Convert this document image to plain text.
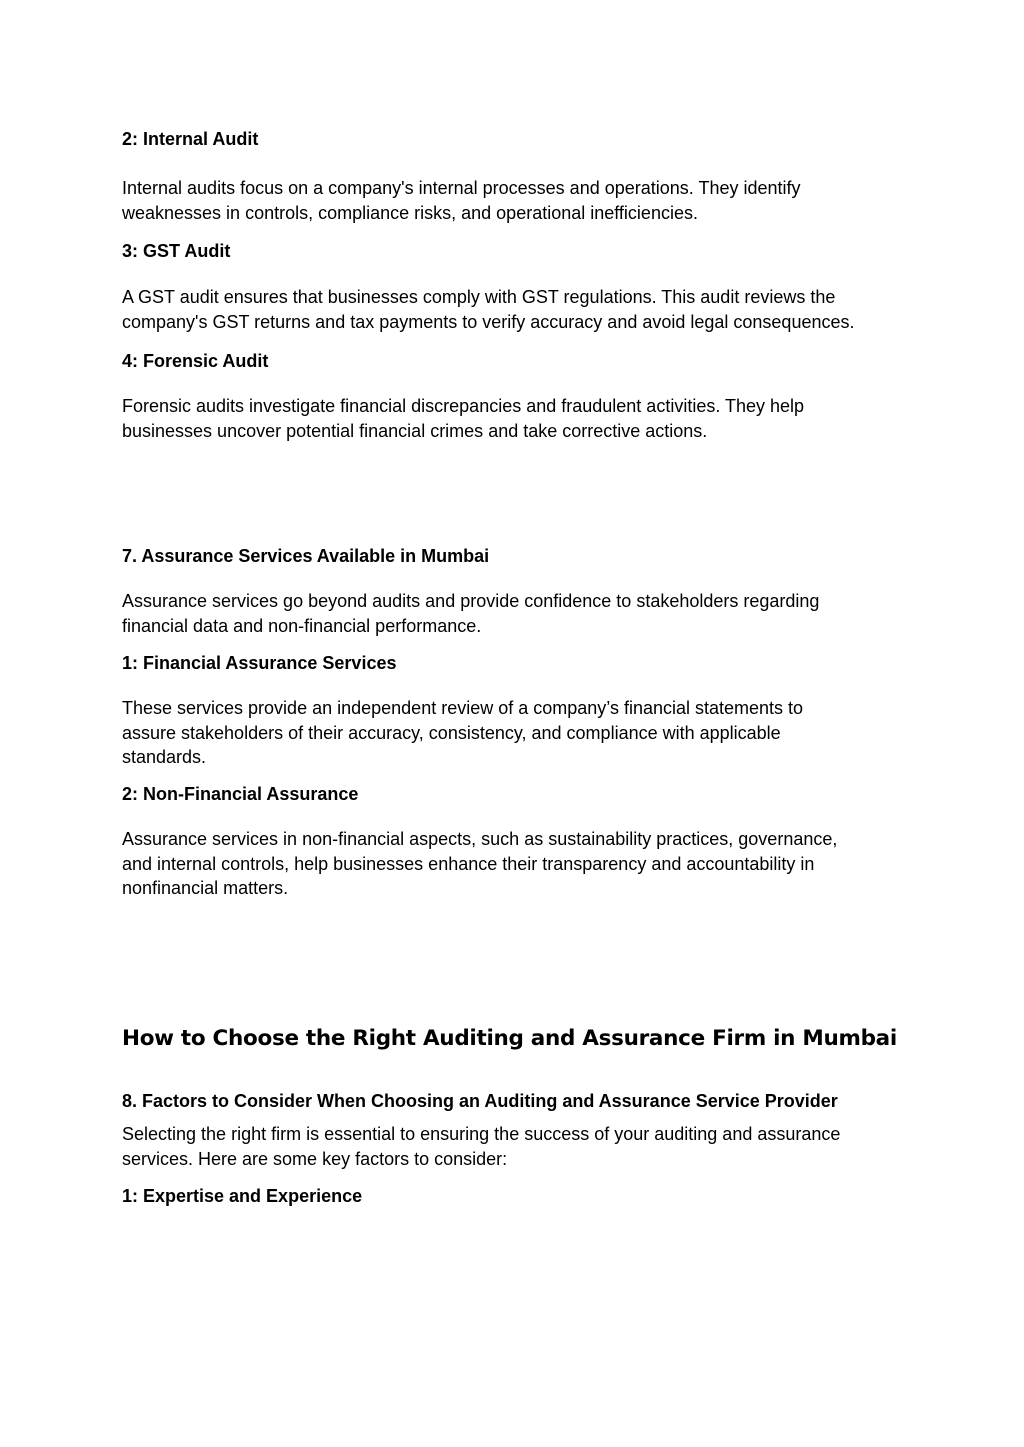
2: Internal Audit

Internal audits focus on a company's internal processes and operations. They identify
weaknesses in controls, compliance risks, and operational inefficiencies.

3: GST Audit

A GST audit ensures that businesses comply with GST regulations. This audit reviews the
company's GST returns and tax payments to verify accuracy and avoid legal consequences.

4: Forensic Audit

Forensic audits investigate financial discrepancies and fraudulent activities. They help
businesses uncover potential financial crimes and take corrective actions.

7. Assurance Services Available in Mumbai

Assurance services go beyond audits and provide confidence to stakeholders regarding
financial data and non-financial performance.

1: Financial Assurance Services

These services provide an independent review of a company’s financial statements to
assure stakeholders of their accuracy, consistency, and compliance with applicable
standards.

2: Non-Financial Assurance

Assurance services in non-financial aspects, such as sustainability practices, governance,
and internal controls, help businesses enhance their transparency and accountability in
nonfinancial matters.

How to Choose the Right Auditing and Assurance Firm in Mumbai
8. Factors to Consider When Choosing an Auditing and Assurance Service Provider

Selecting the right firm is essential to ensuring the success of your auditing and assurance
services. Here are some key factors to consider:

1: Expertise and Experience
